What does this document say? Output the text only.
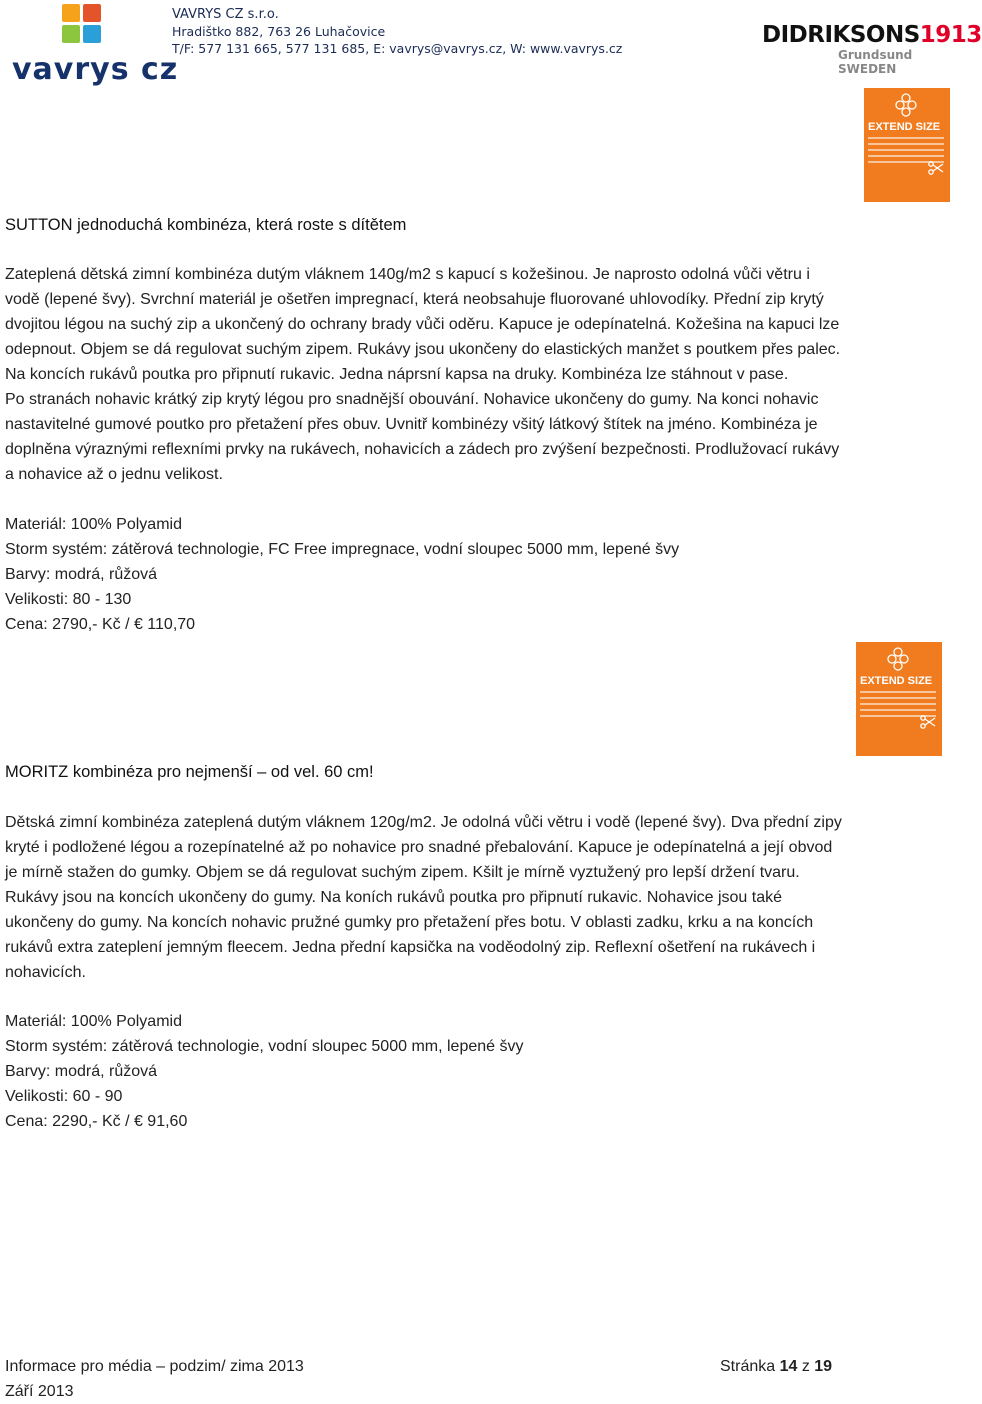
vavrys cz
VAVRYS CZ s.r.o.
Hradištko 882, 763 26 Luhačovice
T/F: 577 131 665, 577 131 685, E: vavrys@vavrys.cz, W: www.vavrys.cz
DIDRIKSONS1913
Grundsund SWEDEN
EXTEND SIZE
SUTTON jednoduchá kombinéza, která roste s dítětem
Zateplená dětská zimní kombinéza dutým vláknem 140g/m2 s kapucí s kožešinou. Je naprosto odolná vůči větru i
vodě (lepené švy). Svrchní materiál je ošetřen impregnací, která neobsahuje fluorované uhlovodíky. Přední zip krytý
dvojitou légou na suchý zip a ukončený do ochrany brady vůči oděru. Kapuce je odepínatelná. Kožešina na kapuci lze
odepnout. Objem se dá regulovat suchým zipem. Rukávy jsou ukončeny do elastických manžet s poutkem přes palec.
Na koncích rukávů poutka pro připnutí rukavic. Jedna náprsní kapsa na druky. Kombinéza lze stáhnout v pase.
Po stranách nohavic krátký zip krytý légou pro snadnější obouvání. Nohavice ukončeny do gumy. Na konci nohavic
nastavitelné gumové poutko pro přetažení přes obuv. Uvnitř kombinézy všitý látkový štítek na jméno. Kombinéza je
doplněna výraznými reflexními prvky na rukávech, nohavicích a zádech pro zvýšení bezpečnosti. Prodlužovací rukávy
a nohavice až o jednu velikost.
Materiál: 100% Polyamid
Storm systém: zátěrová technologie, FC Free impregnace, vodní sloupec 5000 mm, lepené švy
Barvy: modrá, růžová
Velikosti: 80 - 130
Cena: 2790,- Kč / € 110,70
EXTEND SIZE
MORITZ kombinéza pro nejmenší – od vel. 60 cm!
Dětská zimní kombinéza zateplená dutým vláknem 120g/m2. Je odolná vůči větru i vodě (lepené švy). Dva přední zipy
kryté i podložené légou a rozepínatelné až po nohavice pro snadné přebalování. Kapuce je odepínatelná a její obvod
je mírně stažen do gumky. Objem se dá regulovat suchým zipem. Kšilt je mírně vyztužený pro lepší držení tvaru.
Rukávy jsou na koncích ukončeny do gumy. Na koních rukávů poutka pro připnutí rukavic. Nohavice jsou také
ukončeny do gumy. Na koncích nohavic pružné gumky pro přetažení přes botu. V oblasti zadku, krku a na koncích
rukávů extra zateplení jemným fleecem. Jedna přední kapsička na voděodolný zip. Reflexní ošetření na rukávech i
nohavicích.
Materiál: 100% Polyamid
Storm systém: zátěrová technologie, vodní sloupec 5000 mm, lepené švy
Barvy: modrá, růžová
Velikosti: 60 - 90
Cena: 2290,- Kč / € 91,60
Informace pro média – podzim/ zima 2013
Září 2013
Stránka 14 z 19
